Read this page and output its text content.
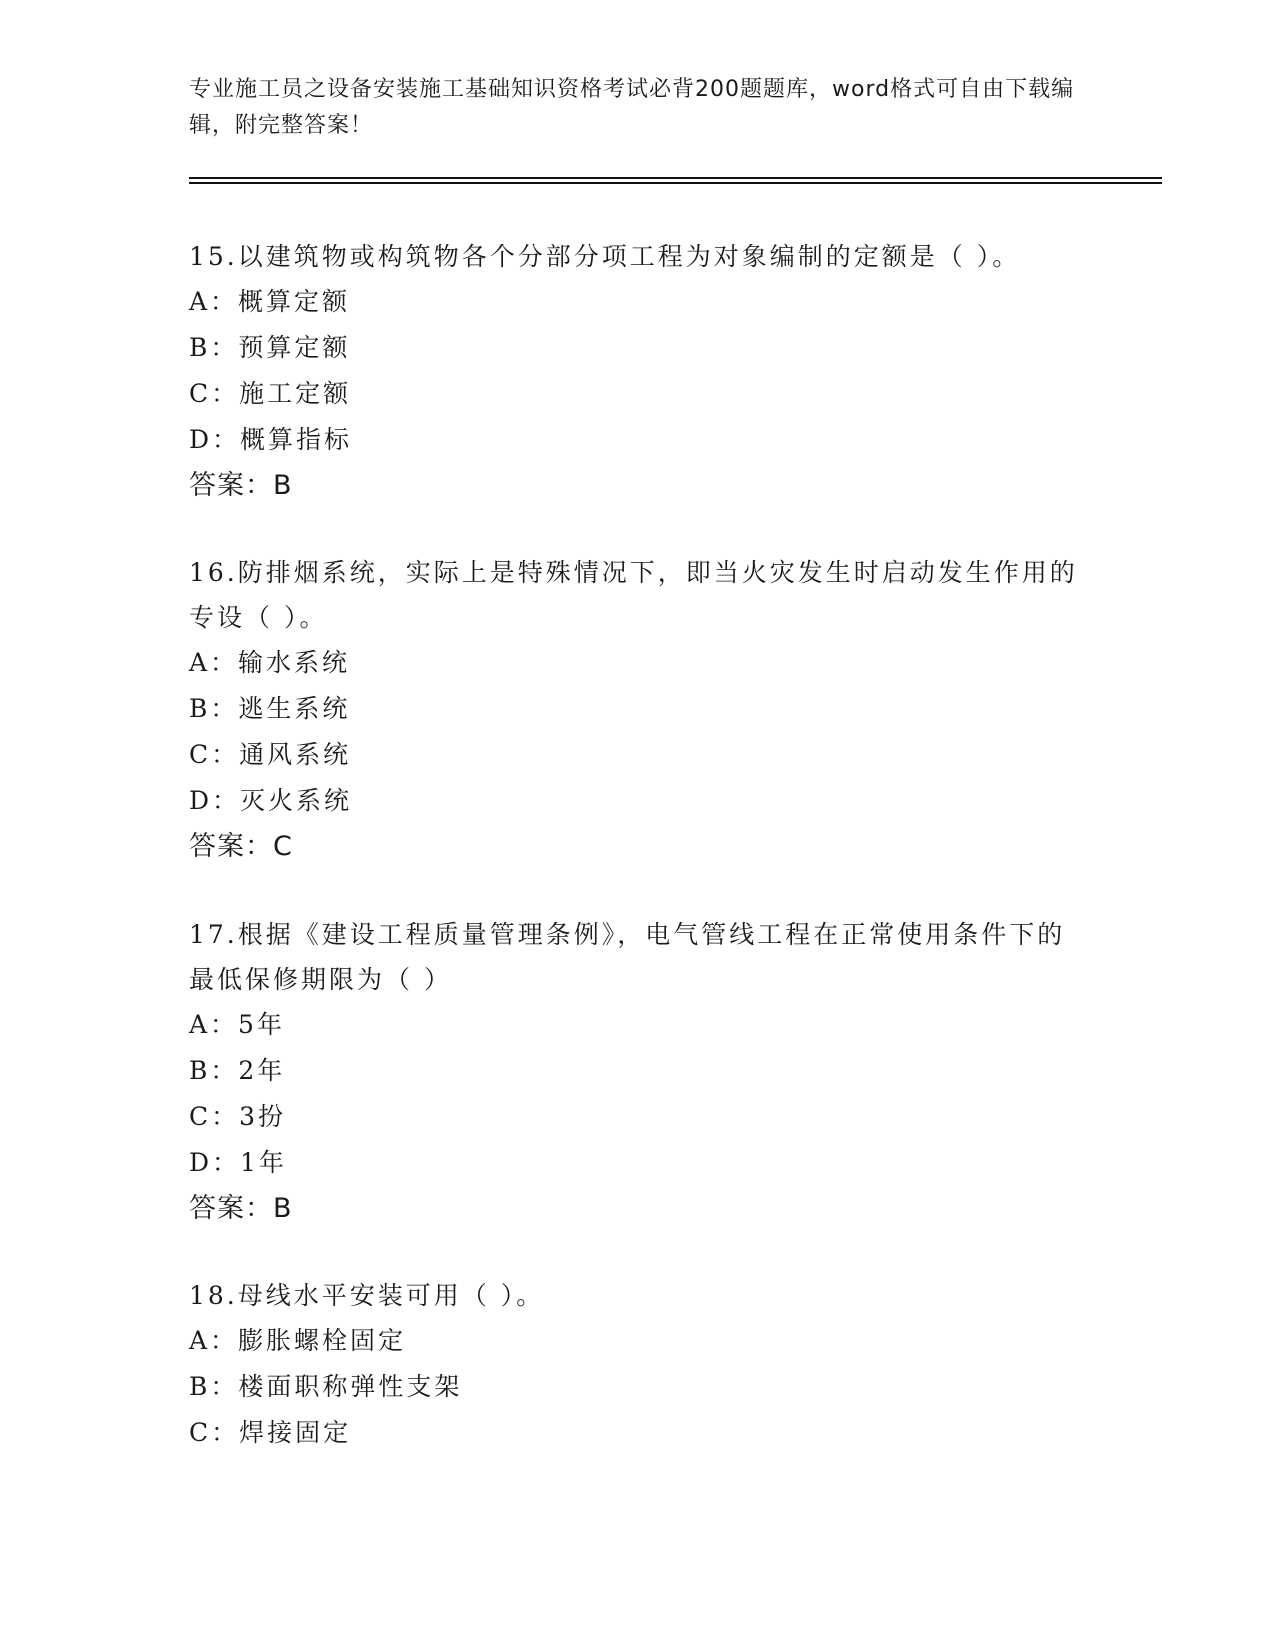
专业施工员之设备安装施工基础知识资格考试必背200题题库，word格式可自由下载编辑，附完整答案！
15.以建筑物或构筑物各个分部分项工程为对象编制的定额是（ ）。
A：概算定额
B：预算定额
C：施工定额
D：概算指标
答案：B
16.防排烟系统，实际上是特殊情况下，即当火灾发生时启动发生作用的专设（ ）。
A：输水系统
B：逃生系统
C：通风系统
D：灭火系统
答案：C
17.根据《建设工程质量管理条例》，电气管线工程在正常使用条件下的最低保修期限为（ ）
A：5年
B：2年
C：3扮
D：1年
答案：B
18.母线水平安装可用（ ）。
A：膨胀螺栓固定
B：楼面职称弹性支架
C：焊接固定
